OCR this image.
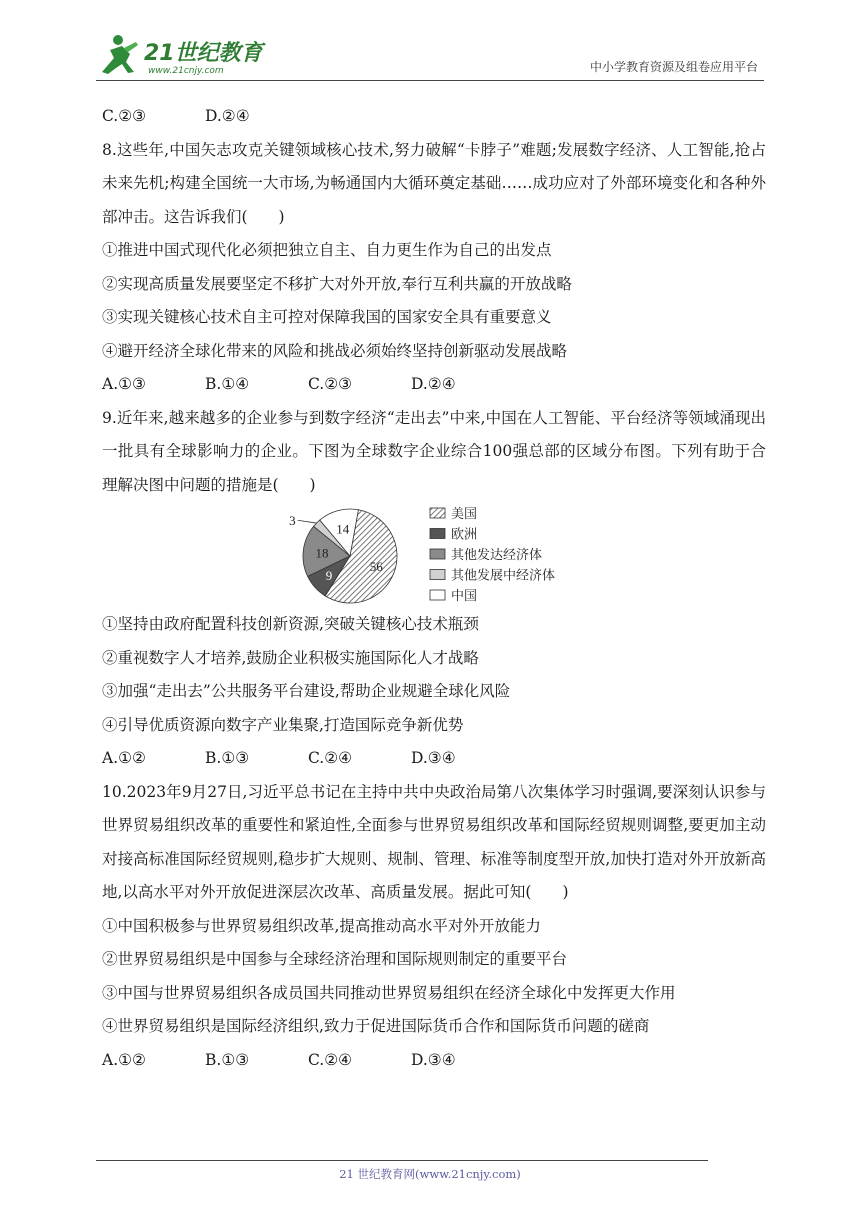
21世纪教育
www.21cnjy.com	中小学教育资源及组卷应用平台
C.②③	D.②④
8.这些年,中国矢志攻克关键领域核心技术,努力破解“卡脖子”难题;发展数字经济、人工智能,抢占未来先机;构建全国统一大市场,为畅通国内大循环奠定基础……成功应对了外部环境变化和各种外部冲击。这告诉我们(　　)
①推进中国式现代化必须把独立自主、自力更生作为自己的出发点
②实现高质量发展要坚定不移扩大对外开放,奉行互利共赢的开放战略
③实现关键核心技术自主可控对保障我国的国家安全具有重要意义
④避开经济全球化带来的风险和挑战必须始终坚持创新驱动发展战略
A.①③	B.①④	C.②③	D.②④
9.近年来,越来越多的企业参与到数字经济“走出去”中来,中国在人工智能、平台经济等领域涌现出一批具有全球影响力的企业。下图为全球数字企业综合100强总部的区域分布图。下列有助于合理解决图中问题的措施是(　　)
56
9
18
3
14
美国
欧洲
其他发达经济体
其他发展中经济体
中国
①坚持由政府配置科技创新资源,突破关键核心技术瓶颈
②重视数字人才培养,鼓励企业积极实施国际化人才战略
③加强“走出去”公共服务平台建设,帮助企业规避全球化风险
④引导优质资源向数字产业集聚,打造国际竞争新优势
A.①②	B.①③	C.②④	D.③④
10.2023年9月27日,习近平总书记在主持中共中央政治局第八次集体学习时强调,要深刻认识参与世界贸易组织改革的重要性和紧迫性,全面参与世界贸易组织改革和国际经贸规则调整,要更加主动对接高标准国际经贸规则,稳步扩大规则、规制、管理、标准等制度型开放,加快打造对外开放新高地,以高水平对外开放促进深层次改革、高质量发展。据此可知(　　)
①中国积极参与世界贸易组织改革,提高推动高水平对外开放能力
②世界贸易组织是中国参与全球经济治理和国际规则制定的重要平台
③中国与世界贸易组织各成员国共同推动世界贸易组织在经济全球化中发挥更大作用
④世界贸易组织是国际经济组织,致力于促进国际货币合作和国际货币问题的磋商
A.①②	B.①③	C.②④	D.③④
21 世纪教育网(www.21cnjy.com)
